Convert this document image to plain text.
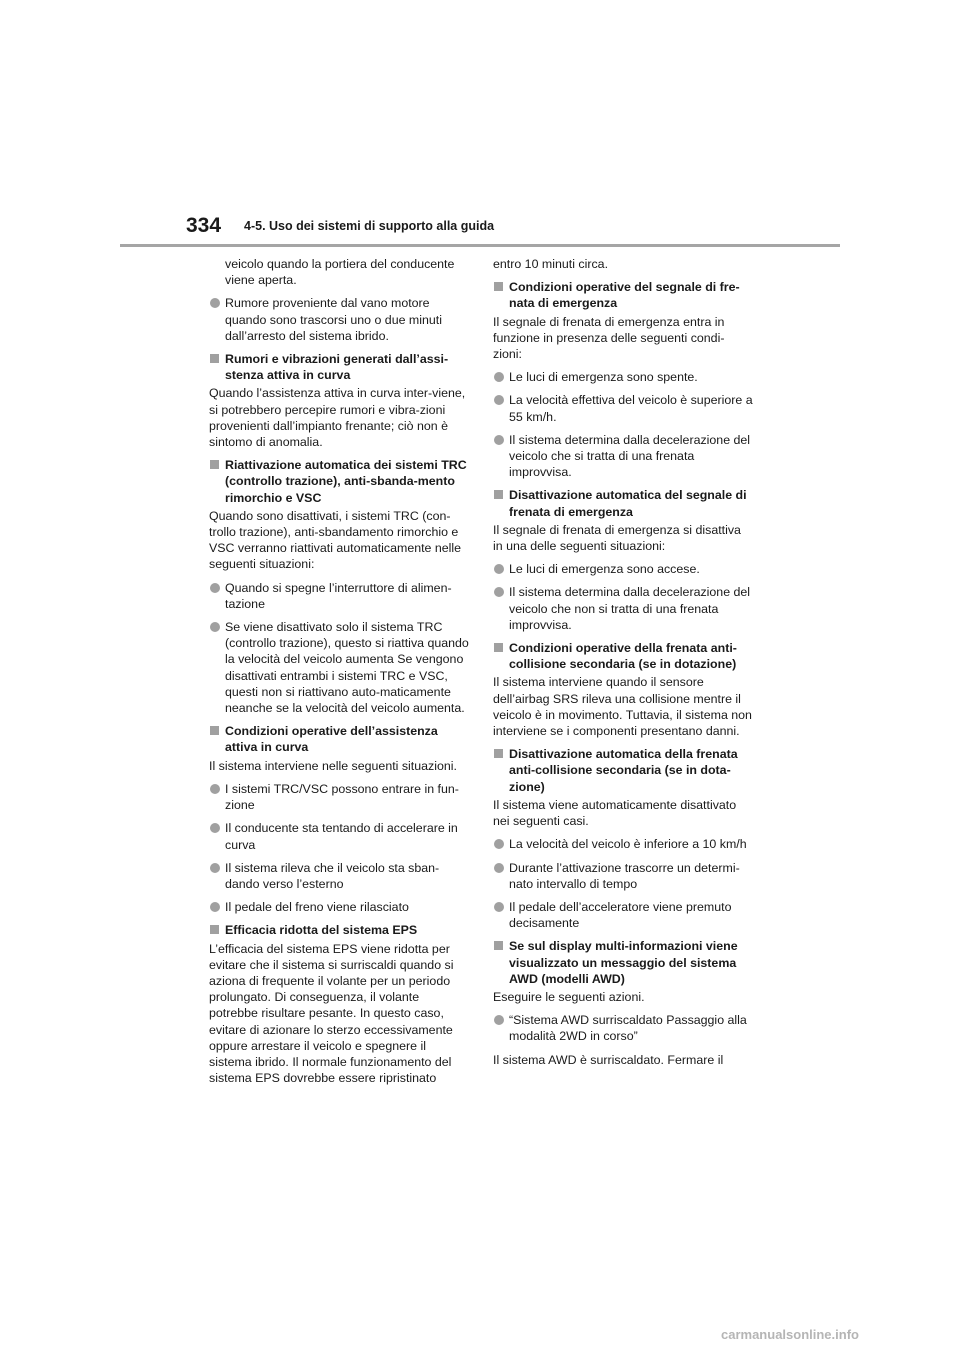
334 4-5. Uso dei sistemi di supporto alla guida
veicolo quando la portiera del conducente viene aperta.
Rumore proveniente dal vano motore quando sono trascorsi uno o due minuti dall’arresto del sistema ibrido.
Rumori e vibrazioni generati dall’assi-stenza attiva in curva
Quando l’assistenza attiva in curva inter-viene, si potrebbero percepire rumori e vibra-zioni provenienti dall’impianto frenante; ciò non è sintomo di anomalia.
Riattivazione automatica dei sistemi TRC (controllo trazione), anti-sbanda-mento rimorchio e VSC
Quando sono disattivati, i sistemi TRC (con-trollo trazione), anti-sbandamento rimorchio e VSC verranno riattivati automaticamente nelle seguenti situazioni:
Quando si spegne l’interruttore di alimen-tazione
Se viene disattivato solo il sistema TRC (controllo trazione), questo si riattiva quando la velocità del veicolo aumenta Se vengono disattivati entrambi i sistemi TRC e VSC, questi non si riattivano auto-maticamente neanche se la velocità del veicolo aumenta.
Condizioni operative dell’assistenza attiva in curva
Il sistema interviene nelle seguenti situazioni.
I sistemi TRC/VSC possono entrare in fun-zione
Il conducente sta tentando di accelerare in curva
Il sistema rileva che il veicolo sta sban-dando verso l’esterno
Il pedale del freno viene rilasciato
Efficacia ridotta del sistema EPS
L’efficacia del sistema EPS viene ridotta per evitare che il sistema si surriscaldi quando si aziona di frequente il volante per un periodo prolungato. Di conseguenza, il volante potrebbe risultare pesante. In questo caso, evitare di azionare lo sterzo eccessivamente oppure arrestare il veicolo e spegnere il sistema ibrido. Il normale funzionamento del sistema EPS dovrebbe essere ripristinato
entro 10 minuti circa.
Condizioni operative del segnale di fre-nata di emergenza
Il segnale di frenata di emergenza entra in funzione in presenza delle seguenti condi-zioni:
Le luci di emergenza sono spente.
La velocità effettiva del veicolo è superiore a 55 km/h.
Il sistema determina dalla decelerazione del veicolo che si tratta di una frenata improvvisa.
Disattivazione automatica del segnale di frenata di emergenza
Il segnale di frenata di emergenza si disattiva in una delle seguenti situazioni:
Le luci di emergenza sono accese.
Il sistema determina dalla decelerazione del veicolo che non si tratta di una frenata improvvisa.
Condizioni operative della frenata anti-collisione secondaria (se in dotazione)
Il sistema interviene quando il sensore dell’airbag SRS rileva una collisione mentre il veicolo è in movimento. Tuttavia, il sistema non interviene se i componenti presentano danni.
Disattivazione automatica della frenata anti-collisione secondaria (se in dota-zione)
Il sistema viene automaticamente disattivato nei seguenti casi.
La velocità del veicolo è inferiore a 10 km/h
Durante l’attivazione trascorre un determi-nato intervallo di tempo
Il pedale dell’acceleratore viene premuto decisamente
Se sul display multi-informazioni viene visualizzato un messaggio del sistema AWD (modelli AWD)
Eseguire le seguenti azioni.
“Sistema AWD surriscaldato Passaggio alla modalità 2WD in corso”
Il sistema AWD è surriscaldato. Fermare il
carmanualsonline.info
